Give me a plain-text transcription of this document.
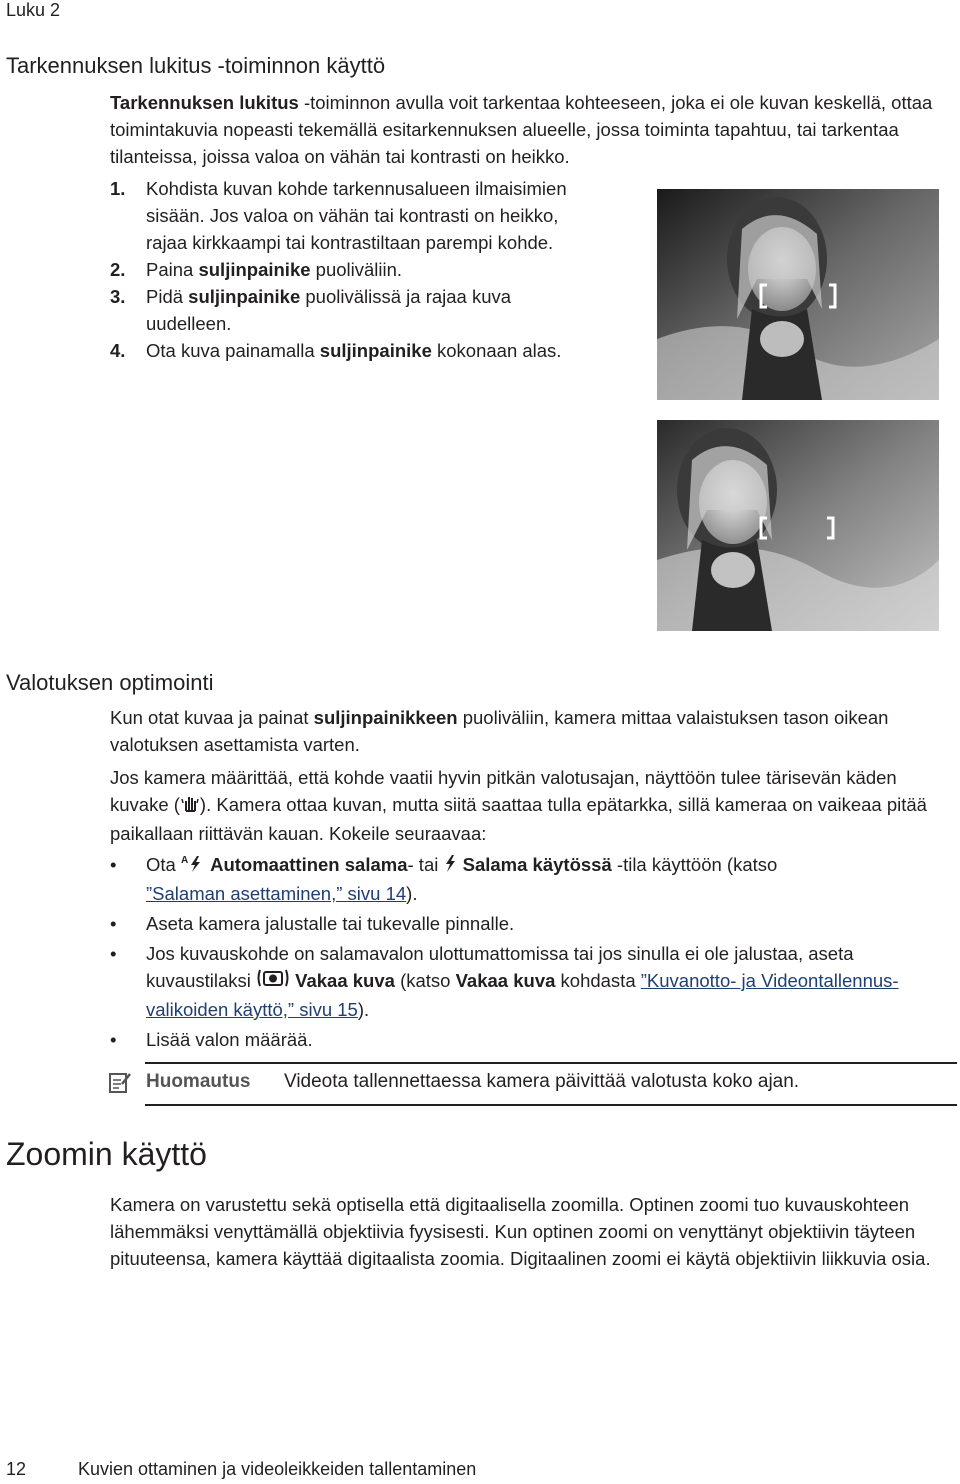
Luku 2
Tarkennuksen lukitus -toiminnon käyttö

Tarkennuksen lukitus -toiminnon avulla voit tarkentaa kohteeseen, joka ei ole kuvan keskellä, ottaa toimintakuvia nopeasti tekemällä esitarkennuksen alueelle, jossa toiminta tapahtuu, tai tarkentaa tilanteissa, joissa valoa on vähän tai kontrasti on heikko.

1. Kohdista kuvan kohde tarkennusalueen ilmaisimien sisään. Jos valoa on vähän tai kontrasti on heikko, rajaa kirkkaampi tai kontrastiltaan parempi kohde.
2. Paina suljinpainike puoliväliin.
3. Pidä suljinpainike puolivälissä ja rajaa kuva uudelleen.
4. Ota kuva painamalla suljinpainike kokonaan alas.
Valotuksen optimointi

Kun otat kuvaa ja painat suljinpainikkeen puoliväliin, kamera mittaa valaistuksen tason oikean valotuksen asettamista varten.

Jos kamera määrittää, että kohde vaatii hyvin pitkän valotusajan, näyttöön tulee tärisevän käden kuvake ( ). Kamera ottaa kuvan, mutta siitä saattaa tulla epätarkka, sillä kameraa on vaikeaa pitää paikallaan riittävän kauan. Kokeile seuraavaa:

• Ota A Automaattinen salama- tai  Salama käytössä -tila käyttöön (katso
”Salaman asettaminen,” sivu 14).
• Aseta kamera jalustalle tai tukevalle pinnalle.
• Jos kuvauskohde on salamavalon ulottumattomissa tai jos sinulla ei ole jalustaa, aseta kuvaustilaksi  Vakaa kuva (katso Vakaa kuva kohdasta ”Kuvanotto- ja Videontallennus-valikoiden käyttö,” sivu 15).
• Lisää valon määrää.
Huomautus Videota tallennettaessa kamera päivittää valotusta koko ajan.
Zoomin käyttö

Kamera on varustettu sekä optisella että digitaalisella zoomilla. Optinen zoomi tuo kuvauskohteen lähemmäksi venyttämällä objektiivia fyysisesti. Kun optinen zoomi on venyttänyt objektiivin täyteen pituuteensa, kamera käyttää digitaalista zoomia. Digitaalinen zoomi ei käytä objektiivin liikkuvia osia.

12	Kuvien ottaminen ja videoleikkeiden tallentaminen
